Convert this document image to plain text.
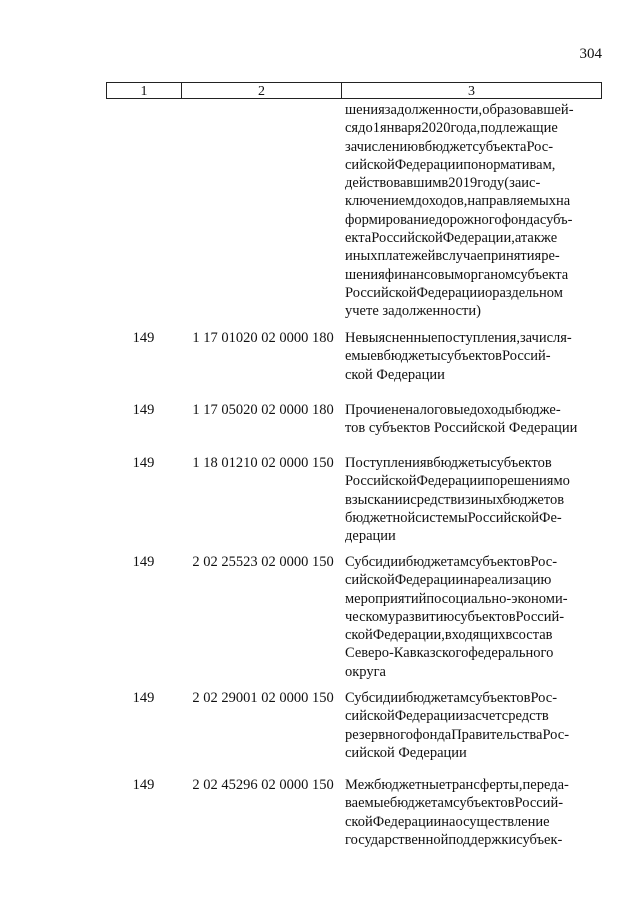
304
1	2	3
шениязадолженности,образовавшей-
сядо1января2020года,подлежащие
зачислениювбюджетсубъектаРос-
сийскойФедерациипонормативам,
действовавшимв2019году(заис-
ключениемдоходов,направляемыхна
формированиедорожногофондасубъ-
ектаРоссийскойФедерации,атакже
иныхплатежейвслучаепринятияре-
шенияфинансовыморганомсубъекта
РоссийскойФедерацииораздельном
учете задолженности)
149	1 17 01020 02 0000 180 Невыясненныепоступления,зачисля-
емыевбюджетысубъектовРоссий-
ской Федерации
149	1 17 05020 02 0000 180 Прочиененалоговыедоходыбюдже-
тов субъектов Российской Федерации
149	1 18 01210 02 0000 150 Поступлениявбюджетысубъектов
РоссийскойФедерациипорешениямо
взысканиисредствизиныхбюджетов
бюджетнойсистемыРоссийскойФе-
дерации
149	2 02 25523 02 0000 150 СубсидиибюджетамсубъектовРос-
сийскойФедерациинареализацию
мероприятийпосоциально-экономи-
ческомуразвитиюсубъектовРоссий-
скойФедерации,входящихвсостав
Северо-Кавказскогофедерального
округа
149	2 02 29001 02 0000 150 СубсидиибюджетамсубъектовРос-
сийскойФедерациизасчетсредств
резервногофондаПравительстваРос-
сийской Федерации
149	2 02 45296 02 0000 150 Межбюджетныетрансферты,переда-
ваемыебюджетамсубъектовРоссий-
скойФедерациинаосуществление
государственнойподдержкисубъек-
